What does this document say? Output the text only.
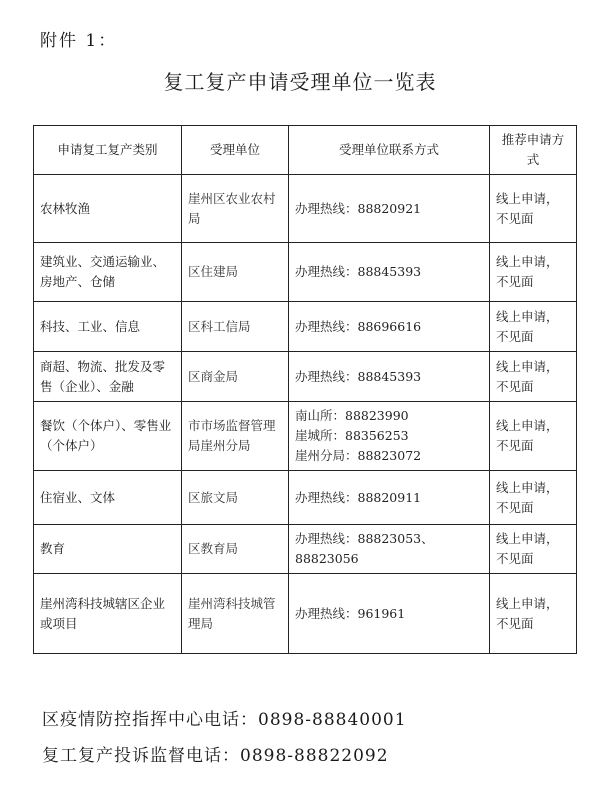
附件 1：
复工复产申请受理单位一览表
申请复工复产类别	受理单位	受理单位联系方式	推荐申请方式
农林牧渔	崖州区农业农村局	办理热线：88820921	线上申请，不见面
建筑业、交通运输业、房地产、仓储	区住建局	办理热线：88845393	线上申请，不见面
科技、工业、信息	区科工信局	办理热线：88696616	线上申请，不见面
商超、物流、批发及零售（企业）、金融	区商金局	办理热线：88845393	线上申请，不见面
餐饮（个体户）、零售业（个体户）	市市场监督管理局崖州分局	南山所：88823990
崖城所：88356253
崖州分局：88823072	线上申请，不见面
住宿业、文体	区旅文局	办理热线：88820911	线上申请，不见面
教育	区教育局	办理热线：88823053、88823056	线上申请，不见面
崖州湾科技城辖区企业或项目	崖州湾科技城管理局	办理热线：961961	线上申请，不见面
区疫情防控指挥中心电话：0898-88840001
复工复产投诉监督电话：0898-88822092
